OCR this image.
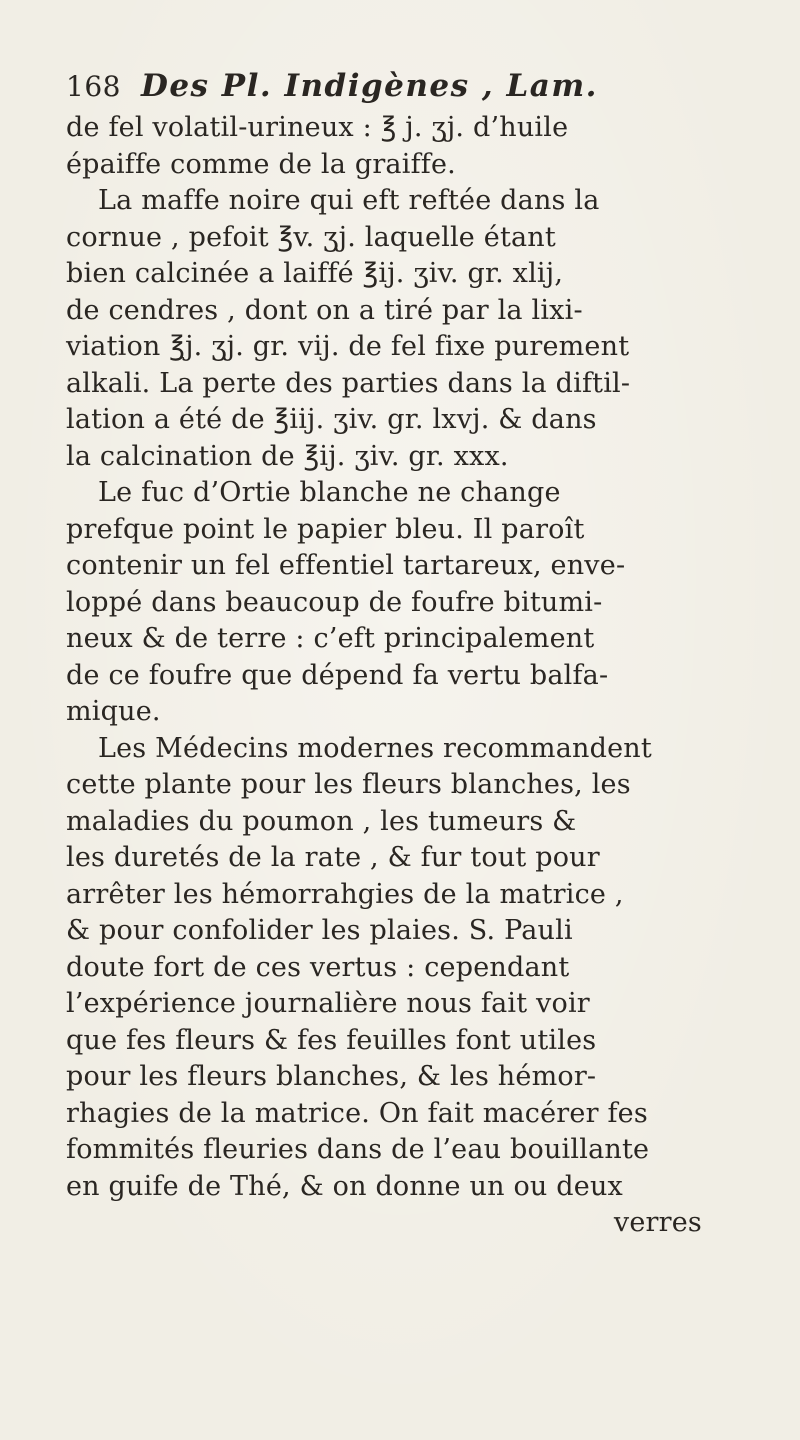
168 Des Pl. Indigènes , Lam.
de fel volatil-urineux : ℥ j. ʒj. d’huile
épaiffe comme de la graiffe.
La maffe noire qui eft reftée dans la
cornue , pefoit ℥v. ʒj. laquelle étant
bien calcinée a laiffé ℥ij. ʒiv. gr. xlij,
de cendres , dont on a tiré par la lixi-
viation ℥j. ʒj. gr. vij. de fel fixe purement
alkali. La perte des parties dans la diftil-
lation a été de ℥iij. ʒiv. gr. lxvj. & dans
la calcination de ℥ij. ʒiv. gr. xxx.
Le fuc d’Ortie blanche ne change
prefque point le papier bleu. Il paroît
contenir un fel effentiel tartareux, enve-
loppé dans beaucoup de foufre bitumi-
neux & de terre : c’eft principalement
de ce foufre que dépend fa vertu balfa-
mique.
Les Médecins modernes recommandent
cette plante pour les fleurs blanches, les
maladies du poumon , les tumeurs &
les duretés de la rate , & fur tout pour
arrêter les hémorrahgies de la matrice ,
& pour confolider les plaies. S. Pauli
doute fort de ces vertus : cependant
l’expérience journalière nous fait voir
que fes fleurs & fes feuilles font utiles
pour les fleurs blanches, & les hémor-
rhagies de la matrice. On fait macérer fes
fommités fleuries dans de l’eau bouillante
en guife de Thé, & on donne un ou deux
verres
